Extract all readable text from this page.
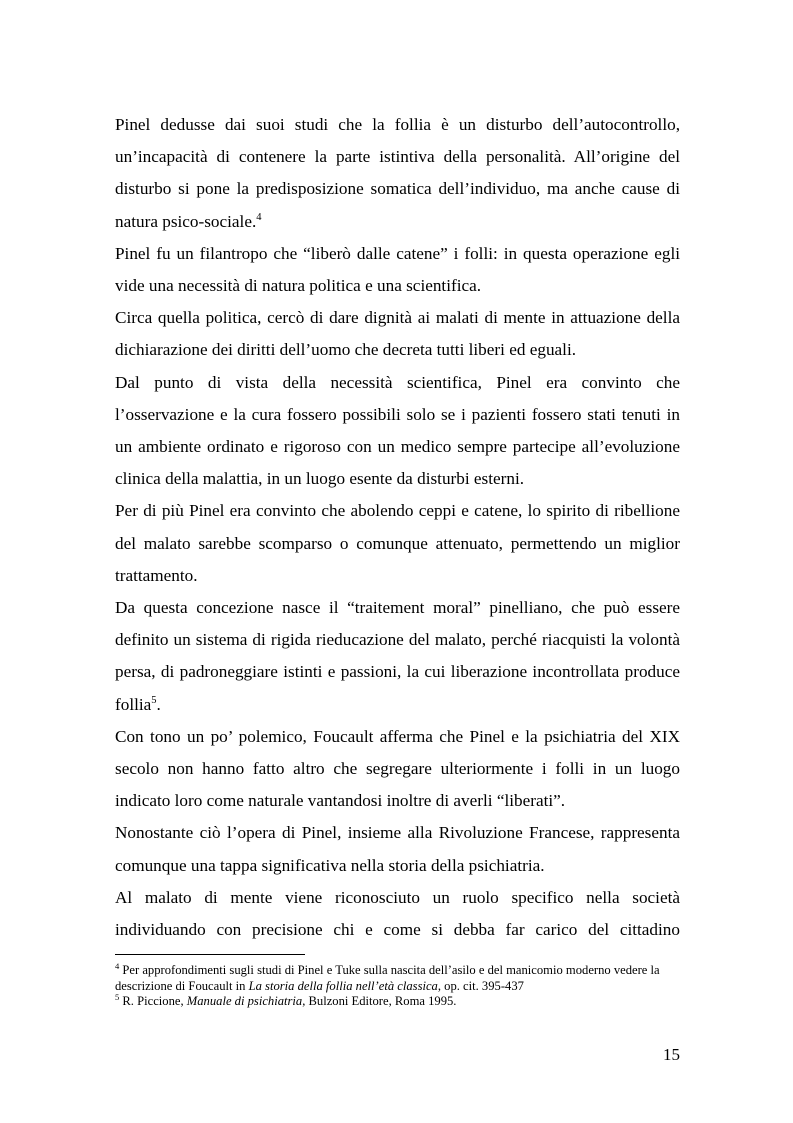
Pinel dedusse dai suoi studi che la follia è un disturbo dell’autocontrollo, un’incapacità di contenere la parte istintiva della personalità. All’origine del disturbo si pone la predisposizione somatica dell’individuo, ma anche cause di natura psico-sociale.$^4$

Pinel fu un filantropo che “liberò dalle catene” i folli: in questa operazione egli vide una necessità di natura politica e una scientifica.

Circa quella politica, cercò di dare dignità ai malati di mente in attuazione della dichiarazione dei diritti dell’uomo che decreta tutti liberi ed eguali.

Dal punto di vista della necessità scientifica, Pinel era convinto che l’osservazione e la cura fossero possibili solo se i pazienti fossero stati tenuti in un ambiente ordinato e rigoroso con un medico sempre partecipe all’evoluzione clinica della malattia, in un luogo esente da disturbi esterni.

Per di più Pinel era convinto che abolendo ceppi e catene, lo spirito di ribellione del malato sarebbe scomparso o comunque attenuato, permettendo un miglior trattamento.

Da questa concezione nasce il “traitement moral” pinelliano, che può essere definito un sistema di rigida rieducazione del malato, perché riacquisti la volontà persa, di padroneggiare istinti e passioni, la cui liberazione incontrollata produce follia$^5$.

Con tono un po’ polemico, Foucault afferma che Pinel e la psichiatria del XIX secolo non hanno fatto altro che segregare ulteriormente i folli in un luogo indicato loro come naturale vantandosi inoltre di averli “liberati”.

Nonostante ciò l’opera di Pinel, insieme alla Rivoluzione Francese, rappresenta comunque una tappa significativa nella storia della psichiatria.

Al malato di mente viene riconosciuto un ruolo specifico nella società individuando con precisione chi e come si debba far carico del cittadino

$^4$ Per approfondimenti sugli studi di Pinel e Tuke sulla nascita dell’asilo e del manicomio moderno vedere la descrizione di Foucault in La storia della follia nell’età classica, op. cit. 395-437

$^5$ R. Piccione, Manuale di psichiatria, Bulzoni Editore, Roma 1995.

15
